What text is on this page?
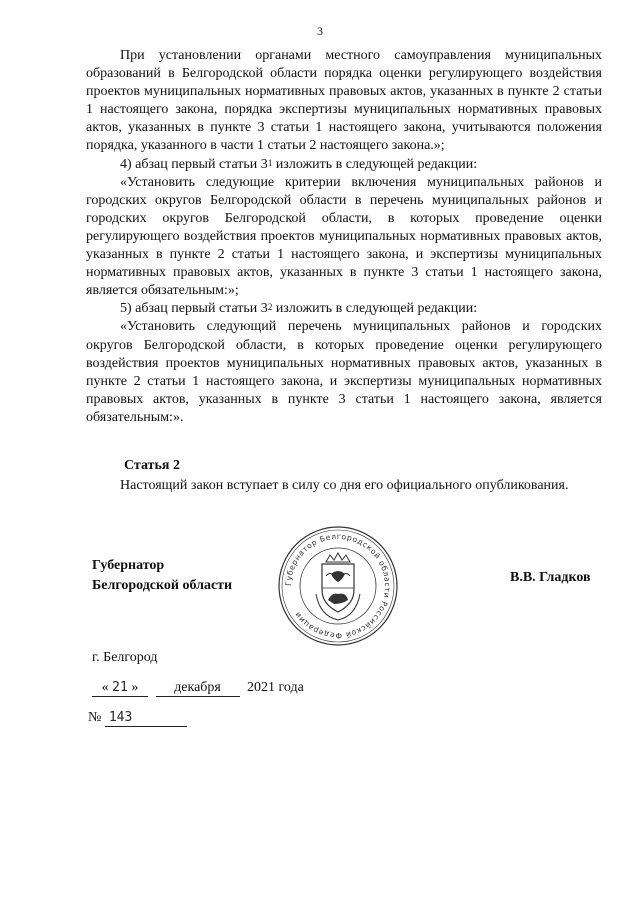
3

При установлении органами местного самоуправления муниципальных образований в Белгородской области порядка оценки регулирующего воздействия проектов муниципальных нормативных правовых актов, указанных в пункте 2 статьи 1 настоящего закона, порядка экспертизы муниципальных нормативных правовых актов, указанных в пункте 3 статьи 1 настоящего закона, учитываются положения порядка, указанного в части 1 статьи 2 настоящего закона.»;

4) абзац первый статьи $3^1$ изложить в следующей редакции:

«Установить следующие критерии включения муниципальных районов и городских округов Белгородской области в перечень муниципальных районов и городских округов Белгородской области, в которых проведение оценки регулирующего воздействия проектов муниципальных нормативных правовых актов, указанных в пункте 2 статьи 1 настоящего закона, и экспертизы муниципальных нормативных правовых актов, указанных в пункте 3 статьи 1 настоящего закона, является обязательным:»;

5) абзац первый статьи $3^2$ изложить в следующей редакции:

«Установить следующий перечень муниципальных районов и городских округов Белгородской области, в которых проведение оценки регулирующего воздействия проектов муниципальных нормативных правовых актов, указанных в пункте 2 статьи 1 настоящего закона, и экспертизы муниципальных нормативных правовых актов, указанных в пункте 3 статьи 1 настоящего закона, является обязательным:».

Статья 2

Настоящий закон вступает в силу со дня его официального опубликования.

Губернатор
Белгородской области	Губернатор Белгородской области Российской Федерации
В.В. Гладков
г. Белгород
« 21 »	декабря 2021 года
№ 143
